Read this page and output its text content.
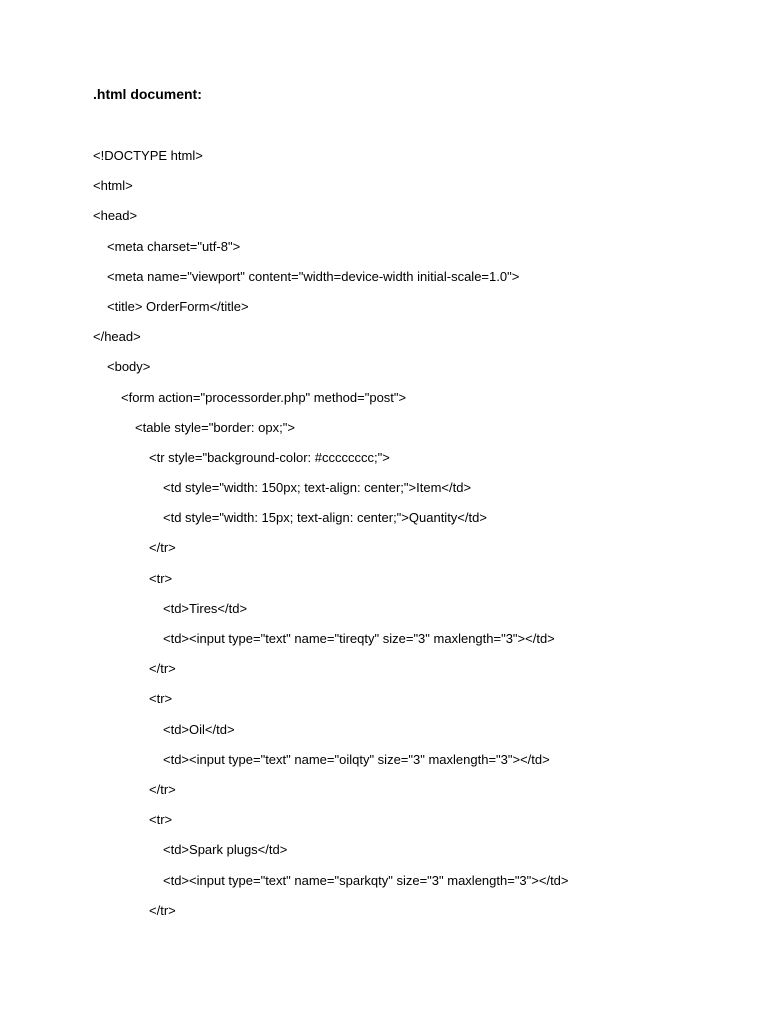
.html document:
<!DOCTYPE html>
<html>
<head>
<meta charset="utf-8">
<meta name="viewport" content="width=device-width initial-scale=1.0">
<title> OrderForm</title>
</head>
<body>
<form action="processorder.php" method="post">
<table style="border: opx;">
<tr style="background-color: #cccccccc;">
<td style="width: 150px; text-align: center;">Item</td>
<td style="width: 15px; text-align: center;">Quantity</td>
</tr>
<tr>
<td>Tires</td>
<td><input type="text" name="tireqty" size="3" maxlength="3"></td>
</tr>
<tr>
<td>Oil</td>
<td><input type="text" name="oilqty" size="3" maxlength="3"></td>
</tr>
<tr>
<td>Spark plugs</td>
<td><input type="text" name="sparkqty" size="3" maxlength="3"></td>
</tr>
